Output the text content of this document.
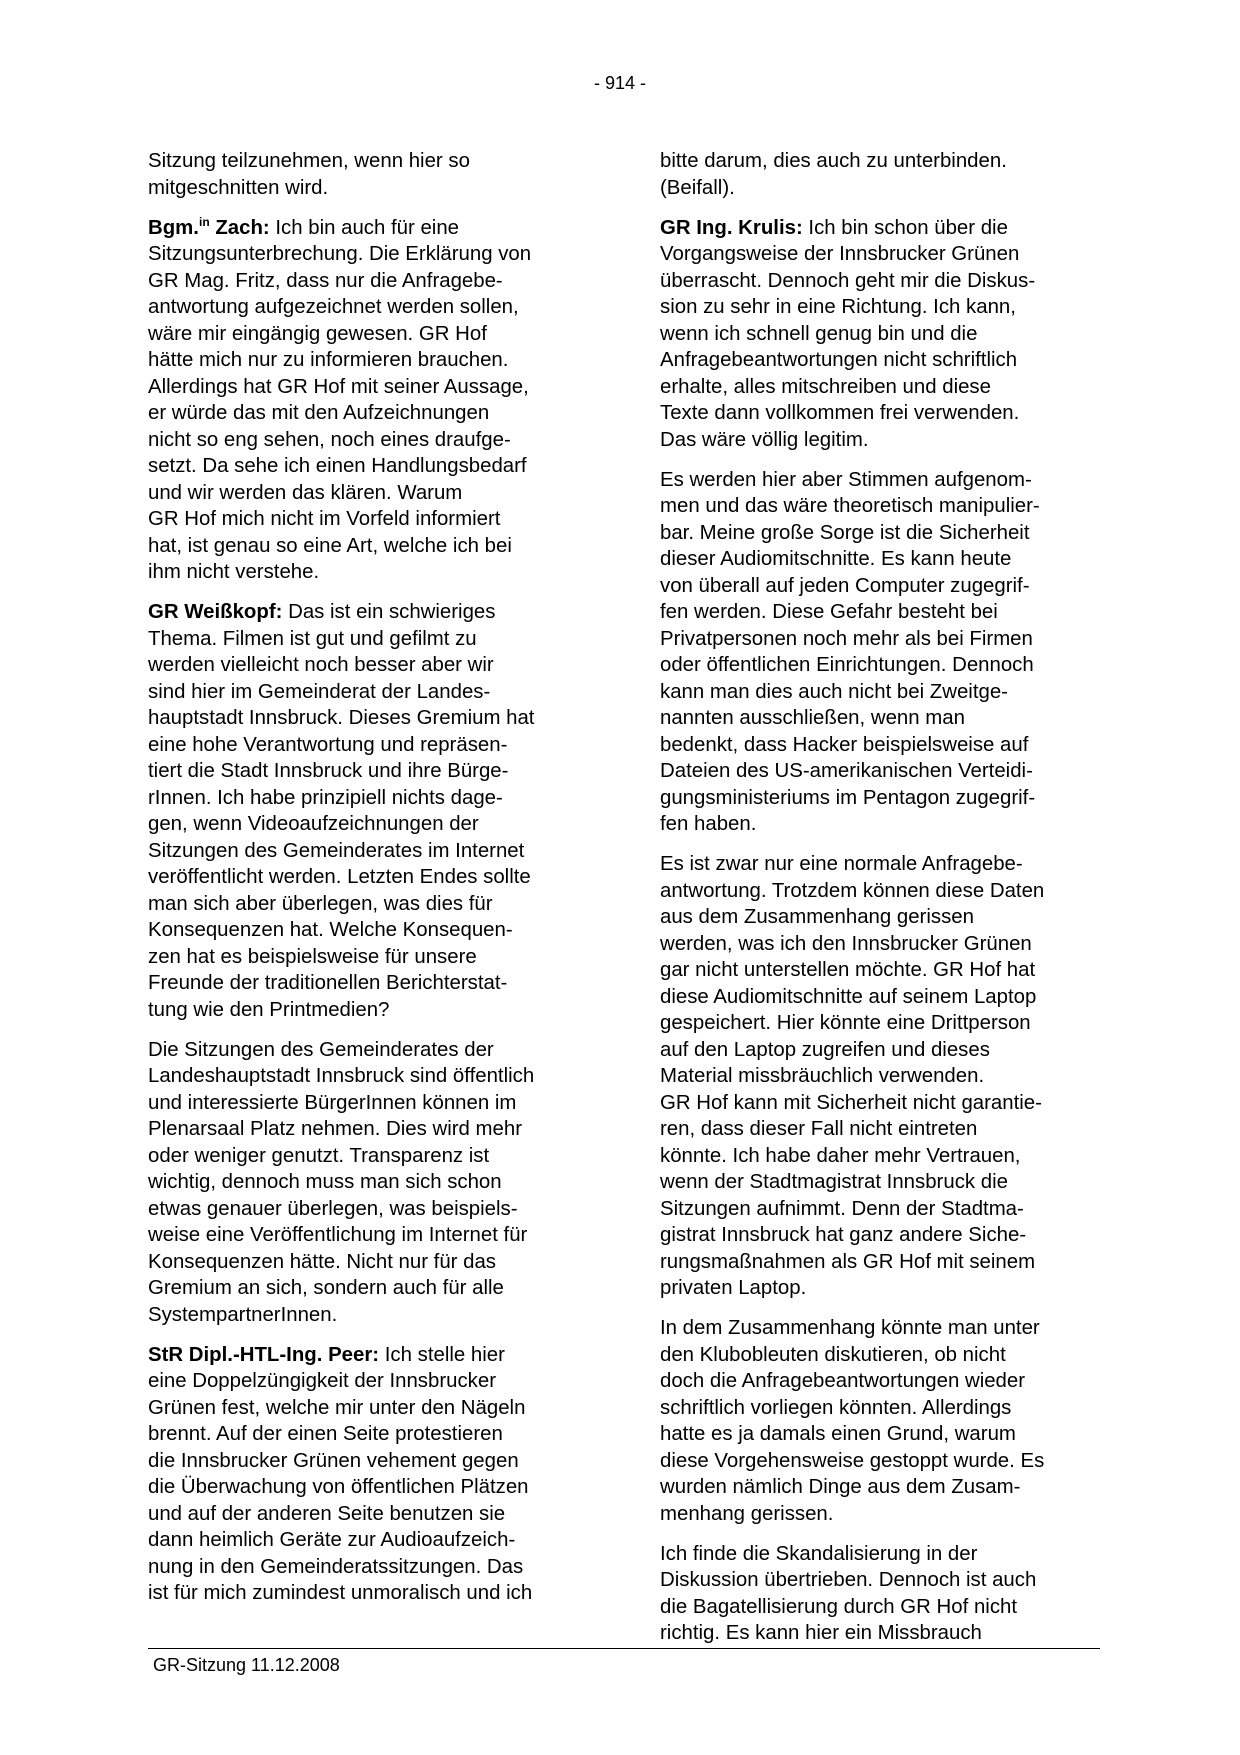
- 914 -

Sitzung teilzunehmen, wenn hier so
mitgeschnitten wird.

Bgm.$^{in}$ Zach: Ich bin auch für eine
Sitzungsunterbrechung. Die Erklärung von
GR Mag. Fritz, dass nur die Anfragebe-
antwortung aufgezeichnet werden sollen,
wäre mir eingängig gewesen. GR Hof
hätte mich nur zu informieren brauchen.
Allerdings hat GR Hof mit seiner Aussage,
er würde das mit den Aufzeichnungen
nicht so eng sehen, noch eines draufge-
setzt. Da sehe ich einen Handlungsbedarf
und wir werden das klären. Warum
GR Hof mich nicht im Vorfeld informiert
hat, ist genau so eine Art, welche ich bei
ihm nicht verstehe.

GR Weißkopf: Das ist ein schwieriges
Thema. Filmen ist gut und gefilmt zu
werden vielleicht noch besser aber wir
sind hier im Gemeinderat der Landes-
hauptstadt Innsbruck. Dieses Gremium hat
eine hohe Verantwortung und repräsen-
tiert die Stadt Innsbruck und ihre Bürge-
rInnen. Ich habe prinzipiell nichts dage-
gen, wenn Videoaufzeichnungen der
Sitzungen des Gemeinderates im Internet
veröffentlicht werden. Letzten Endes sollte
man sich aber überlegen, was dies für
Konsequenzen hat. Welche Konsequen-
zen hat es beispielsweise für unsere
Freunde der traditionellen Berichterstat-
tung wie den Printmedien?

Die Sitzungen des Gemeinderates der
Landeshauptstadt Innsbruck sind öffentlich
und interessierte BürgerInnen können im
Plenarsaal Platz nehmen. Dies wird mehr
oder weniger genutzt. Transparenz ist
wichtig, dennoch muss man sich schon
etwas genauer überlegen, was beispiels-
weise eine Veröffentlichung im Internet für
Konsequenzen hätte. Nicht nur für das
Gremium an sich, sondern auch für alle
SystempartnerInnen.

StR Dipl.-HTL-Ing. Peer: Ich stelle hier
eine Doppelzüngigkeit der Innsbrucker
Grünen fest, welche mir unter den Nägeln
brennt. Auf der einen Seite protestieren
die Innsbrucker Grünen vehement gegen
die Überwachung von öffentlichen Plätzen
und auf der anderen Seite benutzen sie
dann heimlich Geräte zur Audioaufzeich-
nung in den Gemeinderatssitzungen. Das
ist für mich zumindest unmoralisch und ich

bitte darum, dies auch zu unterbinden.
(Beifall).

GR Ing. Krulis: Ich bin schon über die
Vorgangsweise der Innsbrucker Grünen
überrascht. Dennoch geht mir die Diskus-
sion zu sehr in eine Richtung. Ich kann,
wenn ich schnell genug bin und die
Anfragebeantwortungen nicht schriftlich
erhalte, alles mitschreiben und diese
Texte dann vollkommen frei verwenden.
Das wäre völlig legitim.

Es werden hier aber Stimmen aufgenom-
men und das wäre theoretisch manipulier-
bar. Meine große Sorge ist die Sicherheit
dieser Audiomitschnitte. Es kann heute
von überall auf jeden Computer zugegrif-
fen werden. Diese Gefahr besteht bei
Privatpersonen noch mehr als bei Firmen
oder öffentlichen Einrichtungen. Dennoch
kann man dies auch nicht bei Zweitge-
nannten ausschließen, wenn man
bedenkt, dass Hacker beispielsweise auf
Dateien des US-amerikanischen Verteidi-
gungsministeriums im Pentagon zugegrif-
fen haben.

Es ist zwar nur eine normale Anfragebe-
antwortung. Trotzdem können diese Daten
aus dem Zusammenhang gerissen
werden, was ich den Innsbrucker Grünen
gar nicht unterstellen möchte. GR Hof hat
diese Audiomitschnitte auf seinem Laptop
gespeichert. Hier könnte eine Drittperson
auf den Laptop zugreifen und dieses
Material missbräuchlich verwenden.
GR Hof kann mit Sicherheit nicht garantie-
ren, dass dieser Fall nicht eintreten
könnte. Ich habe daher mehr Vertrauen,
wenn der Stadtmagistrat Innsbruck die
Sitzungen aufnimmt. Denn der Stadtma-
gistrat Innsbruck hat ganz andere Siche-
rungsmaßnahmen als GR Hof mit seinem
privaten Laptop.

In dem Zusammenhang könnte man unter
den Klubobleuten diskutieren, ob nicht
doch die Anfragebeantwortungen wieder
schriftlich vorliegen könnten. Allerdings
hatte es ja damals einen Grund, warum
diese Vorgehensweise gestoppt wurde. Es
wurden nämlich Dinge aus dem Zusam-
menhang gerissen.

Ich finde die Skandalisierung in der
Diskussion übertrieben. Dennoch ist auch
die Bagatellisierung durch GR Hof nicht
richtig. Es kann hier ein Missbrauch

GR-Sitzung 11.12.2008
